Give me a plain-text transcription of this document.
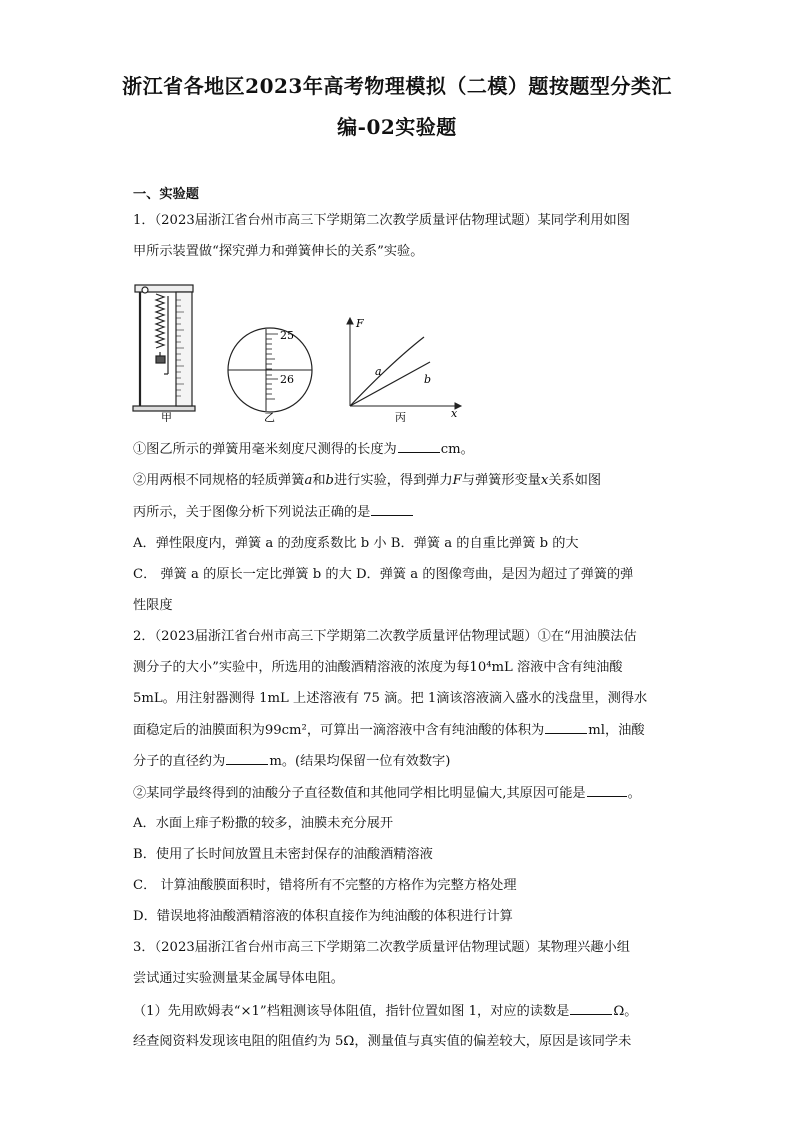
浙江省各地区2023年高考物理模拟（二模）题按题型分类汇
编-02实验题
一、实验题
1．（2023届浙江省台州市高三下学期第二次教学质量评估物理试题）某同学利用如图
甲所示装置做“探究弹力和弹簧伸长的关系”实验。
25
26
F
x
a
b
甲	乙	丙
①图乙所示的弹簧用毫米刻度尺测得的长度为	cm。
②用两根不同规格的轻质弹簧a和b进行实验，得到弹力F与弹簧形变量x关系如图
丙所示，关于图像分析下列说法正确的是
A．弹性限度内，弹簧 a 的劲度系数比 b 小 B．弹簧 a 的自重比弹簧 b 的大
C． 弹簧 a 的原长一定比弹簧 b 的大 D．弹簧 a 的图像弯曲，是因为超过了弹簧的弹
性限度
2．（2023届浙江省台州市高三下学期第二次教学质量评估物理试题）①在“用油膜法估
测分子的大小”实验中，所选用的油酸酒精溶液的浓度为每10⁴mL 溶液中含有纯油酸
5mL。用注射器测得 1mL 上述溶液有 75 滴。把 1滴该溶液滴入盛水的浅盘里，测得水
面稳定后的油膜面积为99cm²，可算出一滴溶液中含有纯油酸的体积为	ml，油酸
分子的直径约为	m。(结果均保留一位有效数字)
②某同学最终得到的油酸分子直径数值和其他同学相比明显偏大,其原因可能是	。
A．水面上痱子粉撒的较多，油膜未充分展开
B．使用了长时间放置且未密封保存的油酸酒精溶液
C． 计算油酸膜面积时，错将所有不完整的方格作为完整方格处理
D．错误地将油酸酒精溶液的体积直接作为纯油酸的体积进行计算
3．（2023届浙江省台州市高三下学期第二次教学质量评估物理试题）某物理兴趣小组
尝试通过实验测量某金属导体电阻。
（1）先用欧姆表“×1”档粗测该导体阻值，指针位置如图 1，对应的读数是	Ω。
经查阅资料发现该电阻的阻值约为 5Ω，测量值与真实值的偏差较大，原因是该同学未
